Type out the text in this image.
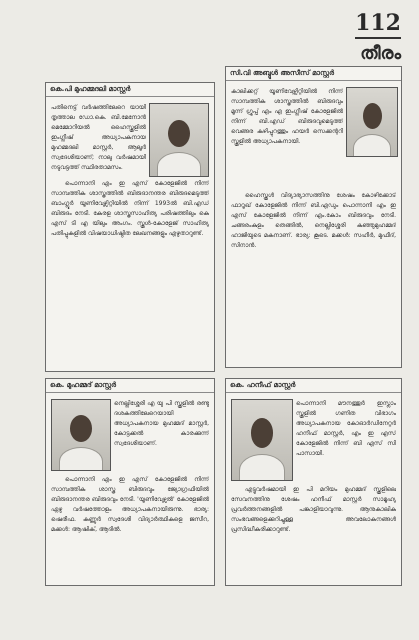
112
തീരം
കെ.പി മുഹമ്മദലി മാസ്റ്റർ

പതിനെട്ട് വർഷത്തിലേറെ യായി തൃത്താല ഡോ.കെ. ബി.മേനോൻ മെമ്മോറിയൽ ഹൈസ്കൂളിൽ ഇംഗ്ലീഷ് അധ്യാപകനായ മുഹമ്മദലി മാസ്റ്റർ, ആലൂർ സ്വദേശിയാണ്; നാലു വർഷമായി നടുവട്ടത്ത് സ്ഥിരതാമസം.

പൊന്നാനി എം ഇ എസ് കോളേജിൽ നിന്ന് സാമ്പത്തിക ശാസ്ത്രത്തിൽ ബിരുദാനന്തര ബിരുദമെടുത്ത് ബാംഗ്ലൂർ യൂണിവേഴ്സിറ്റിയിൽ നിന്ന് 1993ൽ ബി.എഡ് ബിരുദം നേടി. കേരള ശാസ്ത്രസാഹിത്യ പരിഷത്തിലും കെ എസ് ടി എ യിലും അംഗം. സ്കൂൾ-കോളേജ് സാഹിത്യ പതിപ്പുകളിൽ വിഷയാധിഷ്ഠിത ലേഖനങ്ങളും എഴുതാറുണ്ട്.

സി.വി അബ്ദുൾ അസീസ് മാസ്റ്റർ

കാലിക്കറ്റ് യൂണിവേഴ്സിറ്റിയിൽ നിന്ന് സാമ്പത്തിക ശാസ്ത്രത്തിൽ ബിരുദവും മൂന്ന് ഗ്രൂപ്പ് എം എ ഇംഗ്ലീഷ് കോളേജിൽ നിന്ന് ബി.എഡ് ബിരുദവുമെടുത്ത് വെങ്ങര കുഴിപ്പുറത്തും ഹയർ സെക്കന്ററി സ്കൂളിൽ അധ്യാപകനായി.

ഹൈസ്കൂൾ വിദ്യാഭ്യാസത്തിനു ശേഷം കോഴിക്കോട് ഫാറൂഖ് കോളേജിൽ നിന്ന് ബി.എഡും പൊന്നാനി എം ഇ എസ് കോളേജിൽ നിന്ന് എം.കോം ബിരുദവും നേടി. ചങ്ങരംകുളം തെങ്ങിൽ, നെല്ലിശ്ശേരി കുഞ്ഞുമുഹമ്മദ് ഹാജിയുടെ മകനാണ്. ഭാര്യ: കൂടെ. മക്കൾ: സഹീർ, മുഫീദ്, സിനാൻ.

കെ. മുഹമ്മദ് മാസ്റ്റർ

നെല്ലിശ്ശേരി എ യു പി സ്കൂളിൽ രണ്ടു ദശകത്തിലേറെയായി അധ്യാപകനായ മുഹമ്മദ് മാസ്റ്റർ, കോട്ടക്കൽ കാരക്കുന്ന് സ്വദേശിയാണ്.

പൊന്നാനി എം ഇ എസ് കോളേജിൽ നിന്ന് സാമ്പത്തിക ശാസ്ത്ര ബിരുദവും ജ്യോഗ്രഫിയിൽ ബിരുദാനന്തര ബിരുദവും നേടി. 'യൂണിവേഴ്സൽ' കോളേജിൽ ഏഴു വർഷത്തോളം അധ്യാപകനായിരുന്നു. ഭാര്യ: ഷെരീഫ. കണ്ണൂർ സ്വദേശി വിദ്യാർത്ഥികളെ ജസീറ, മക്കൾ: ആഷിക്, ആദിൽ.

കെ. ഹനീഫ് മാസ്റ്റർ

പൊന്നാനി മൗനത്തൂർ ഇസ്ലാം സ്കൂളിൽ ഗണിത വിഭാഗം അധ്യാപകനായ കോഓർഡിനേറ്റർ ഹനീഫ് മാസ്റ്റർ, എം ഇ എസ് കോളേജിൽ നിന്ന് ബി എസ് സി പാസായി.

എട്ടുവർഷമായി ഇ പി മറിയം മുഹമ്മദ് സ്കൂളിലെ സേവനത്തിനു ശേഷം ഹനീഫ് മാസ്റ്റർ സാമൂഹ്യ പ്രവർത്തനങ്ങളിൽ പങ്കാളിയാവുന്നു. ആനുകാലിക സംഭവങ്ങളെക്കുറിച്ചുള്ള അവലോകനങ്ങൾ പ്രസിദ്ധീകരിക്കാറുണ്ട്.
